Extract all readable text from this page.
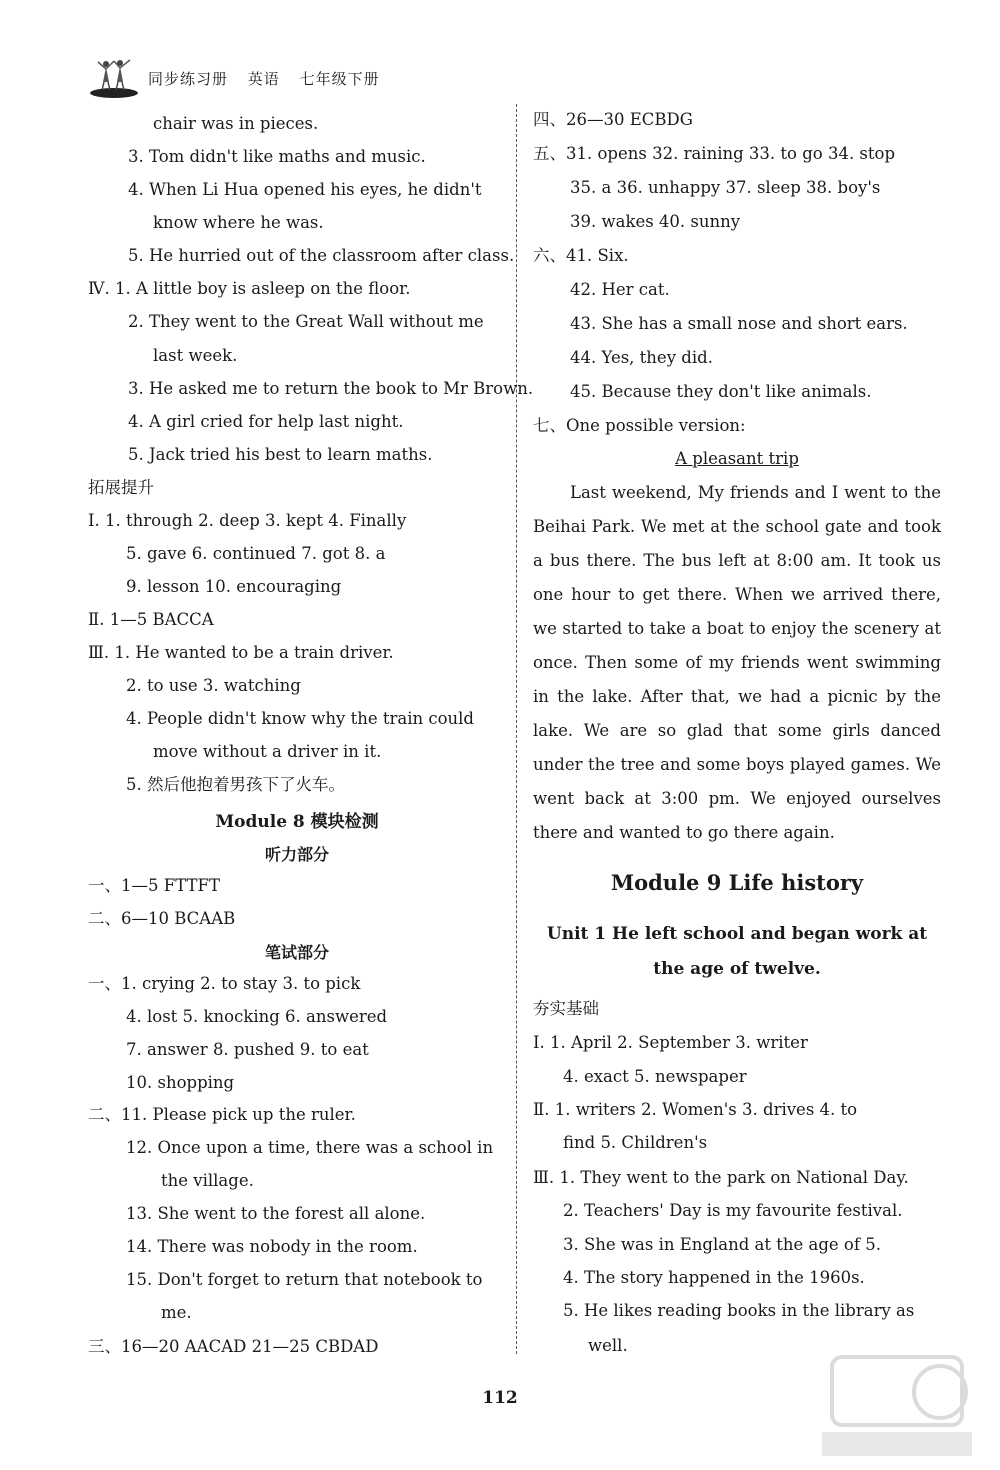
同步练习册 英语 七年级下册
Module 8 模块检测
听力部分
笔试部分
chair was in pieces.
3. Tom didn't like maths and music.
4. When Li Hua opened his eyes, he didn't
know where he was.
5. He hurried out of the classroom after class.
Ⅳ. 1. A little boy is asleep on the floor.
2. They went to the Great Wall without me
last week.
3. He asked me to return the book to Mr Brown.
4. A girl cried for help last night.
5. Jack tried his best to learn maths.
拓展提升
Ⅰ. 1. through 2. deep 3. kept 4. Finally
5. gave 6. continued 7. got 8. a
9. lesson 10. encouraging
Ⅱ. 1—5 BACCA
Ⅲ. 1. He wanted to be a train driver.
2. to use 3. watching
4. People didn't know why the train could
move without a driver in it.
5. 然后他抱着男孩下了火车。
一、1—5 FTTFT
二、6—10 BCAAB
一、1. crying 2. to stay 3. to pick
4. lost 5. knocking 6. answered
7. answer 8. pushed 9. to eat
10. shopping
二、11. Please pick up the ruler.
12. Once upon a time, there was a school in
the village.
13. She went to the forest all alone.
14. There was nobody in the room.
15. Don't forget to return that notebook to
me.
三、16—20 AACAD 21—25 CBDAD
A pleasant trip
Last weekend, My friends and I went to the Beihai Park. We met at the school gate and took a bus there. The bus left at 8:00 am. It took us one hour to get there. When we arrived there, we started to take a boat to enjoy the scenery at once. Then some of my friends went swimming in the lake. After that, we had a picnic by the lake. We are so glad that some girls danced under the tree and some boys played games. We went back at 3:00 pm. We enjoyed ourselves there and wanted to go there again.
Module 9 Life history
Unit 1 He left school and began work at
the age of twelve.
夯实基础
四、26—30 ECBDG
五、31. opens 32. raining 33. to go 34. stop
35. a 36. unhappy 37. sleep 38. boy's
39. wakes 40. sunny
六、41. Six.
42. Her cat.
43. She has a small nose and short ears.
44. Yes, they did.
45. Because they don't like animals.
七、One possible version:
Ⅰ. 1. April 2. September 3. writer
4. exact 5. newspaper
Ⅱ. 1. writers 2. Women's 3. drives 4. to
find 5. Children's
Ⅲ. 1. They went to the park on National Day.
2. Teachers' Day is my favourite festival.
3. She was in England at the age of 5.
4. The story happened in the 1960s.
5. He likes reading books in the library as
well.
112
